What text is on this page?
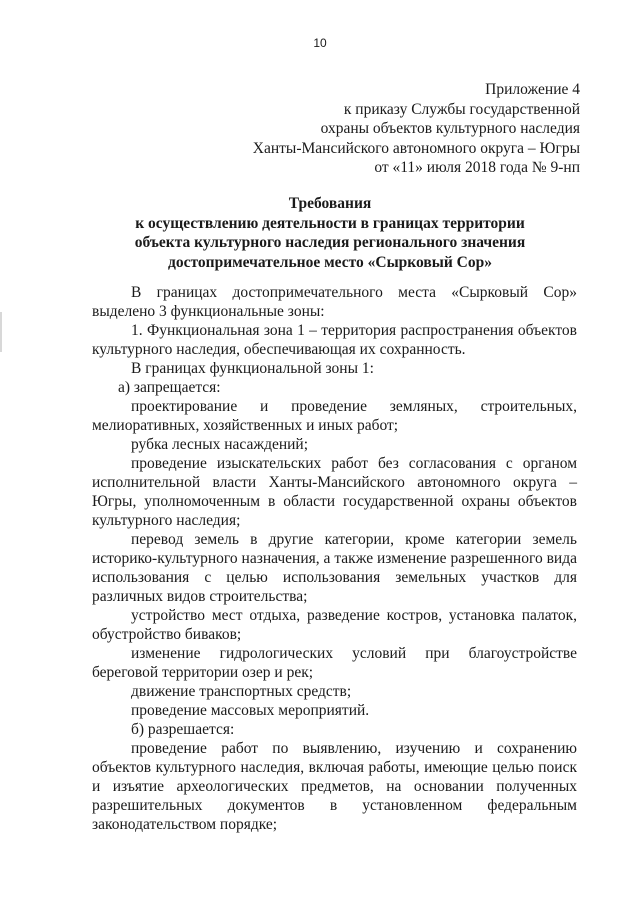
10
Приложение 4
к приказу Службы государственной
охраны объектов культурного наследия
Ханты-Мансийского автономного округа – Югры
от «11» июля 2018 года № 9-нп
Требования
к осуществлению деятельности в границах территории
объекта культурного наследия регионального значения
достопримечательное место «Сырковый Сор»

В границах достопримечательного места «Сырковый Сор» выделено 3 функциональные зоны:

1. Функциональная зона 1 – территория распространения объектов культурного наследия, обеспечивающая их сохранность.

В границах функциональной зоны 1:

а) запрещается:

проектирование и проведение земляных, строительных, мелиоративных, хозяйственных и иных работ;

рубка лесных насаждений;

проведение изыскательских работ без согласования с органом исполнительной власти Ханты-Мансийского автономного округа – Югры, уполномоченным в области государственной охраны объектов культурного наследия;

перевод земель в другие категории, кроме категории земель историко-культурного назначения, а также изменение разрешенного вида использования с целью использования земельных участков для различных видов строительства;

устройство мест отдыха, разведение костров, установка палаток, обустройство биваков;

изменение гидрологических условий при благоустройстве береговой территории озер и рек;

движение транспортных средств;

проведение массовых мероприятий.

б) разрешается:

проведение работ по выявлению, изучению и сохранению объектов культурного наследия, включая работы, имеющие целью поиск и изъятие археологических предметов, на основании полученных разрешительных документов в установленном федеральным законодательством порядке;
